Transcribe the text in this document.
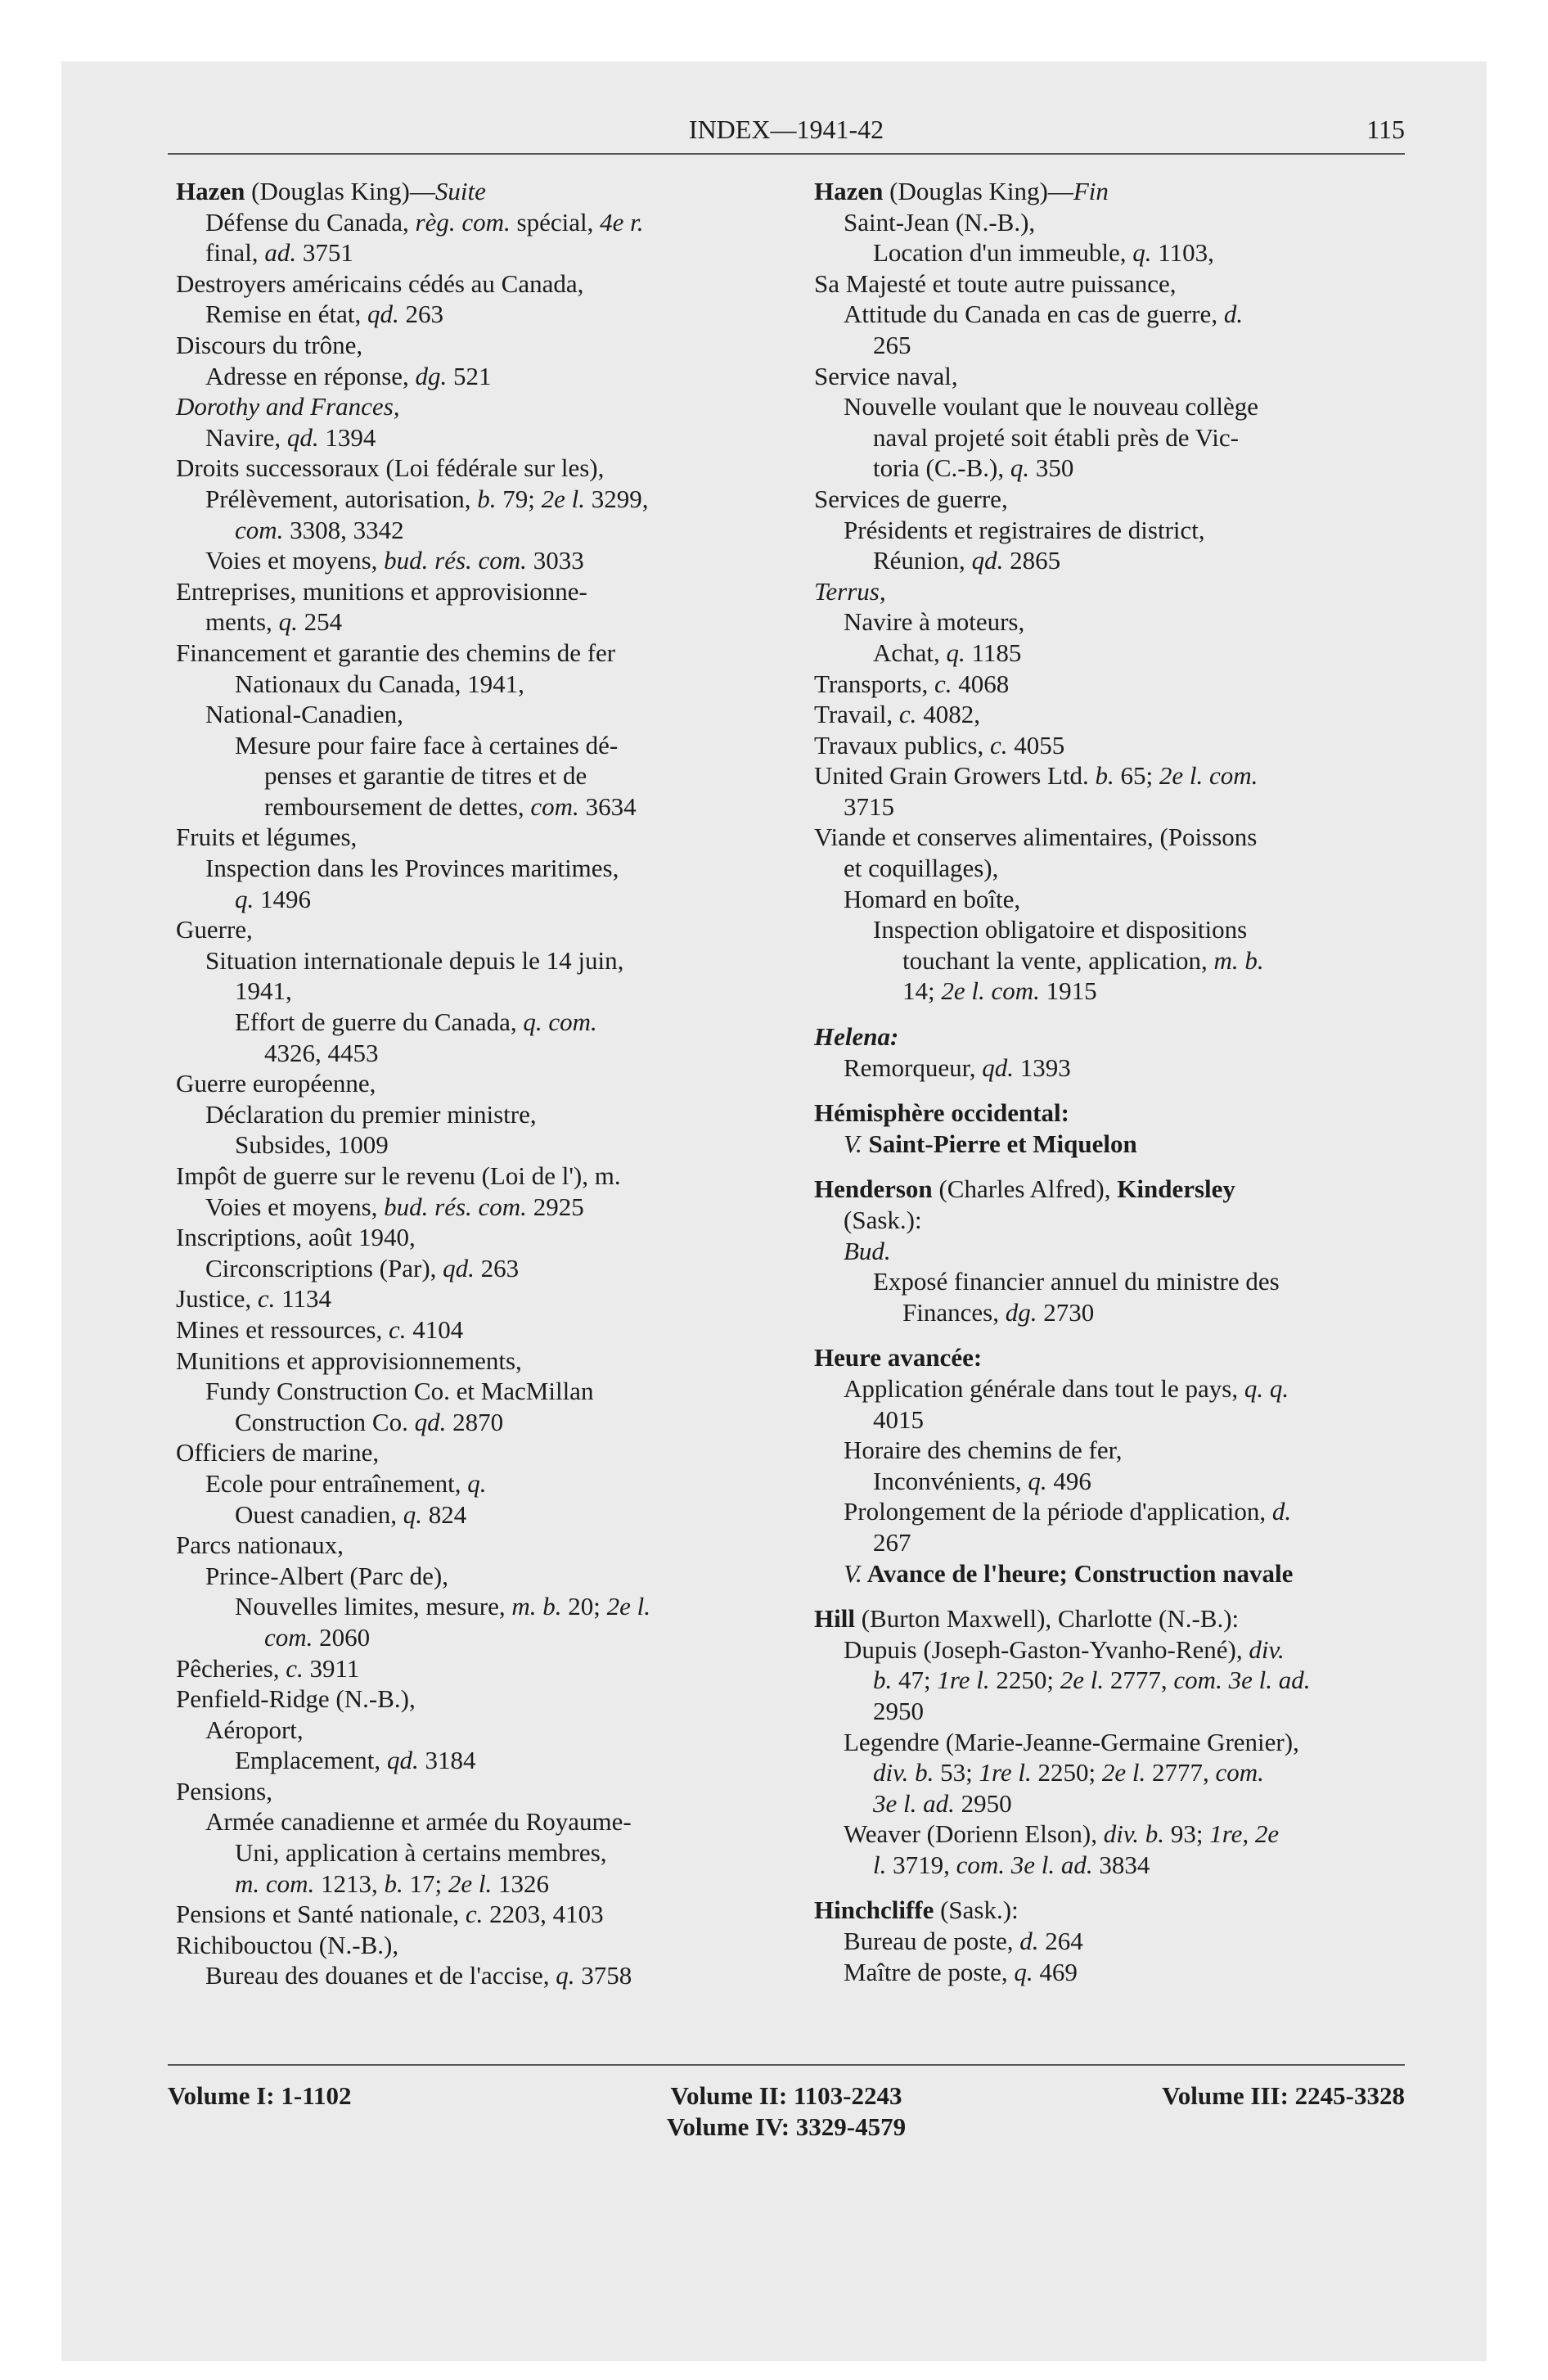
INDEX—1941-42	115
Hazen (Douglas King)—Suite
Défense du Canada, règ. com. spécial, 4e r.
final, ad. 3751
Destroyers américains cédés au Canada,
Remise en état, qd. 263
Discours du trône,
Adresse en réponse, dg. 521
Dorothy and Frances,
Navire, qd. 1394
Droits successoraux (Loi fédérale sur les),
Prélèvement, autorisation, b. 79; 2e l. 3299,
com. 3308, 3342
Voies et moyens, bud. rés. com. 3033
Entreprises, munitions et approvisionne-
ments, q. 254
Financement et garantie des chemins de fer
Nationaux du Canada, 1941,
National-Canadien,
Mesure pour faire face à certaines dé-
penses et garantie de titres et de
remboursement de dettes, com. 3634
Fruits et légumes,
Inspection dans les Provinces maritimes,
q. 1496
Guerre,
Situation internationale depuis le 14 juin,
1941,
Effort de guerre du Canada, q. com.
4326, 4453
Guerre européenne,
Déclaration du premier ministre,
Subsides, 1009
Impôt de guerre sur le revenu (Loi de l'), m.
Voies et moyens, bud. rés. com. 2925
Inscriptions, août 1940,
Circonscriptions (Par), qd. 263
Justice, c. 1134
Mines et ressources, c. 4104
Munitions et approvisionnements,
Fundy Construction Co. et MacMillan
Construction Co. qd. 2870
Officiers de marine,
Ecole pour entraînement, q.
Ouest canadien, q. 824
Parcs nationaux,
Prince-Albert (Parc de),
Nouvelles limites, mesure, m. b. 20; 2e l.
com. 2060
Pêcheries, c. 3911
Penfield-Ridge (N.-B.),
Aéroport,
Emplacement, qd. 3184
Pensions,
Armée canadienne et armée du Royaume-
Uni, application à certains membres,
m. com. 1213, b. 17; 2e l. 1326
Pensions et Santé nationale, c. 2203, 4103
Richibouctou (N.-B.),
Bureau des douanes et de l'accise, q. 3758
Hazen (Douglas King)—Fin
Saint-Jean (N.-B.),
Location d'un immeuble, q. 1103,
Sa Majesté et toute autre puissance,
Attitude du Canada en cas de guerre, d.
265
Service naval,
Nouvelle voulant que le nouveau collège
naval projeté soit établi près de Vic-
toria (C.-B.), q. 350
Services de guerre,
Présidents et registraires de district,
Réunion, qd. 2865
Terrus,
Navire à moteurs,
Achat, q. 1185
Transports, c. 4068
Travail, c. 4082,
Travaux publics, c. 4055
United Grain Growers Ltd. b. 65; 2e l. com.
3715
Viande et conserves alimentaires, (Poissons
et coquillages),
Homard en boîte,
Inspection obligatoire et dispositions
touchant la vente, application, m. b.
14; 2e l. com. 1915
Helena:
Remorqueur, qd. 1393
Hémisphère occidental:
V. Saint-Pierre et Miquelon
Henderson (Charles Alfred), Kindersley
(Sask.):
Bud.
Exposé financier annuel du ministre des
Finances, dg. 2730
Heure avancée:
Application générale dans tout le pays, q. q.
4015
Horaire des chemins de fer,
Inconvénients, q. 496
Prolongement de la période d'application, d.
267
V. Avance de l'heure; Construction navale
Hill (Burton Maxwell), Charlotte (N.-B.):
Dupuis (Joseph-Gaston-Yvanho-René), div.
b. 47; 1re l. 2250; 2e l. 2777, com. 3e l. ad.
2950
Legendre (Marie-Jeanne-Germaine Grenier),
div. b. 53; 1re l. 2250; 2e l. 2777, com.
3e l. ad. 2950
Weaver (Dorienn Elson), div. b. 93; 1re, 2e
l. 3719, com. 3e l. ad. 3834
Hinchcliffe (Sask.):
Bureau de poste, d. 264
Maître de poste, q. 469
Volume I: 1-1102	Volume II: 1103-2243
Volume IV: 3329-4579
Volume III: 2245-3328
